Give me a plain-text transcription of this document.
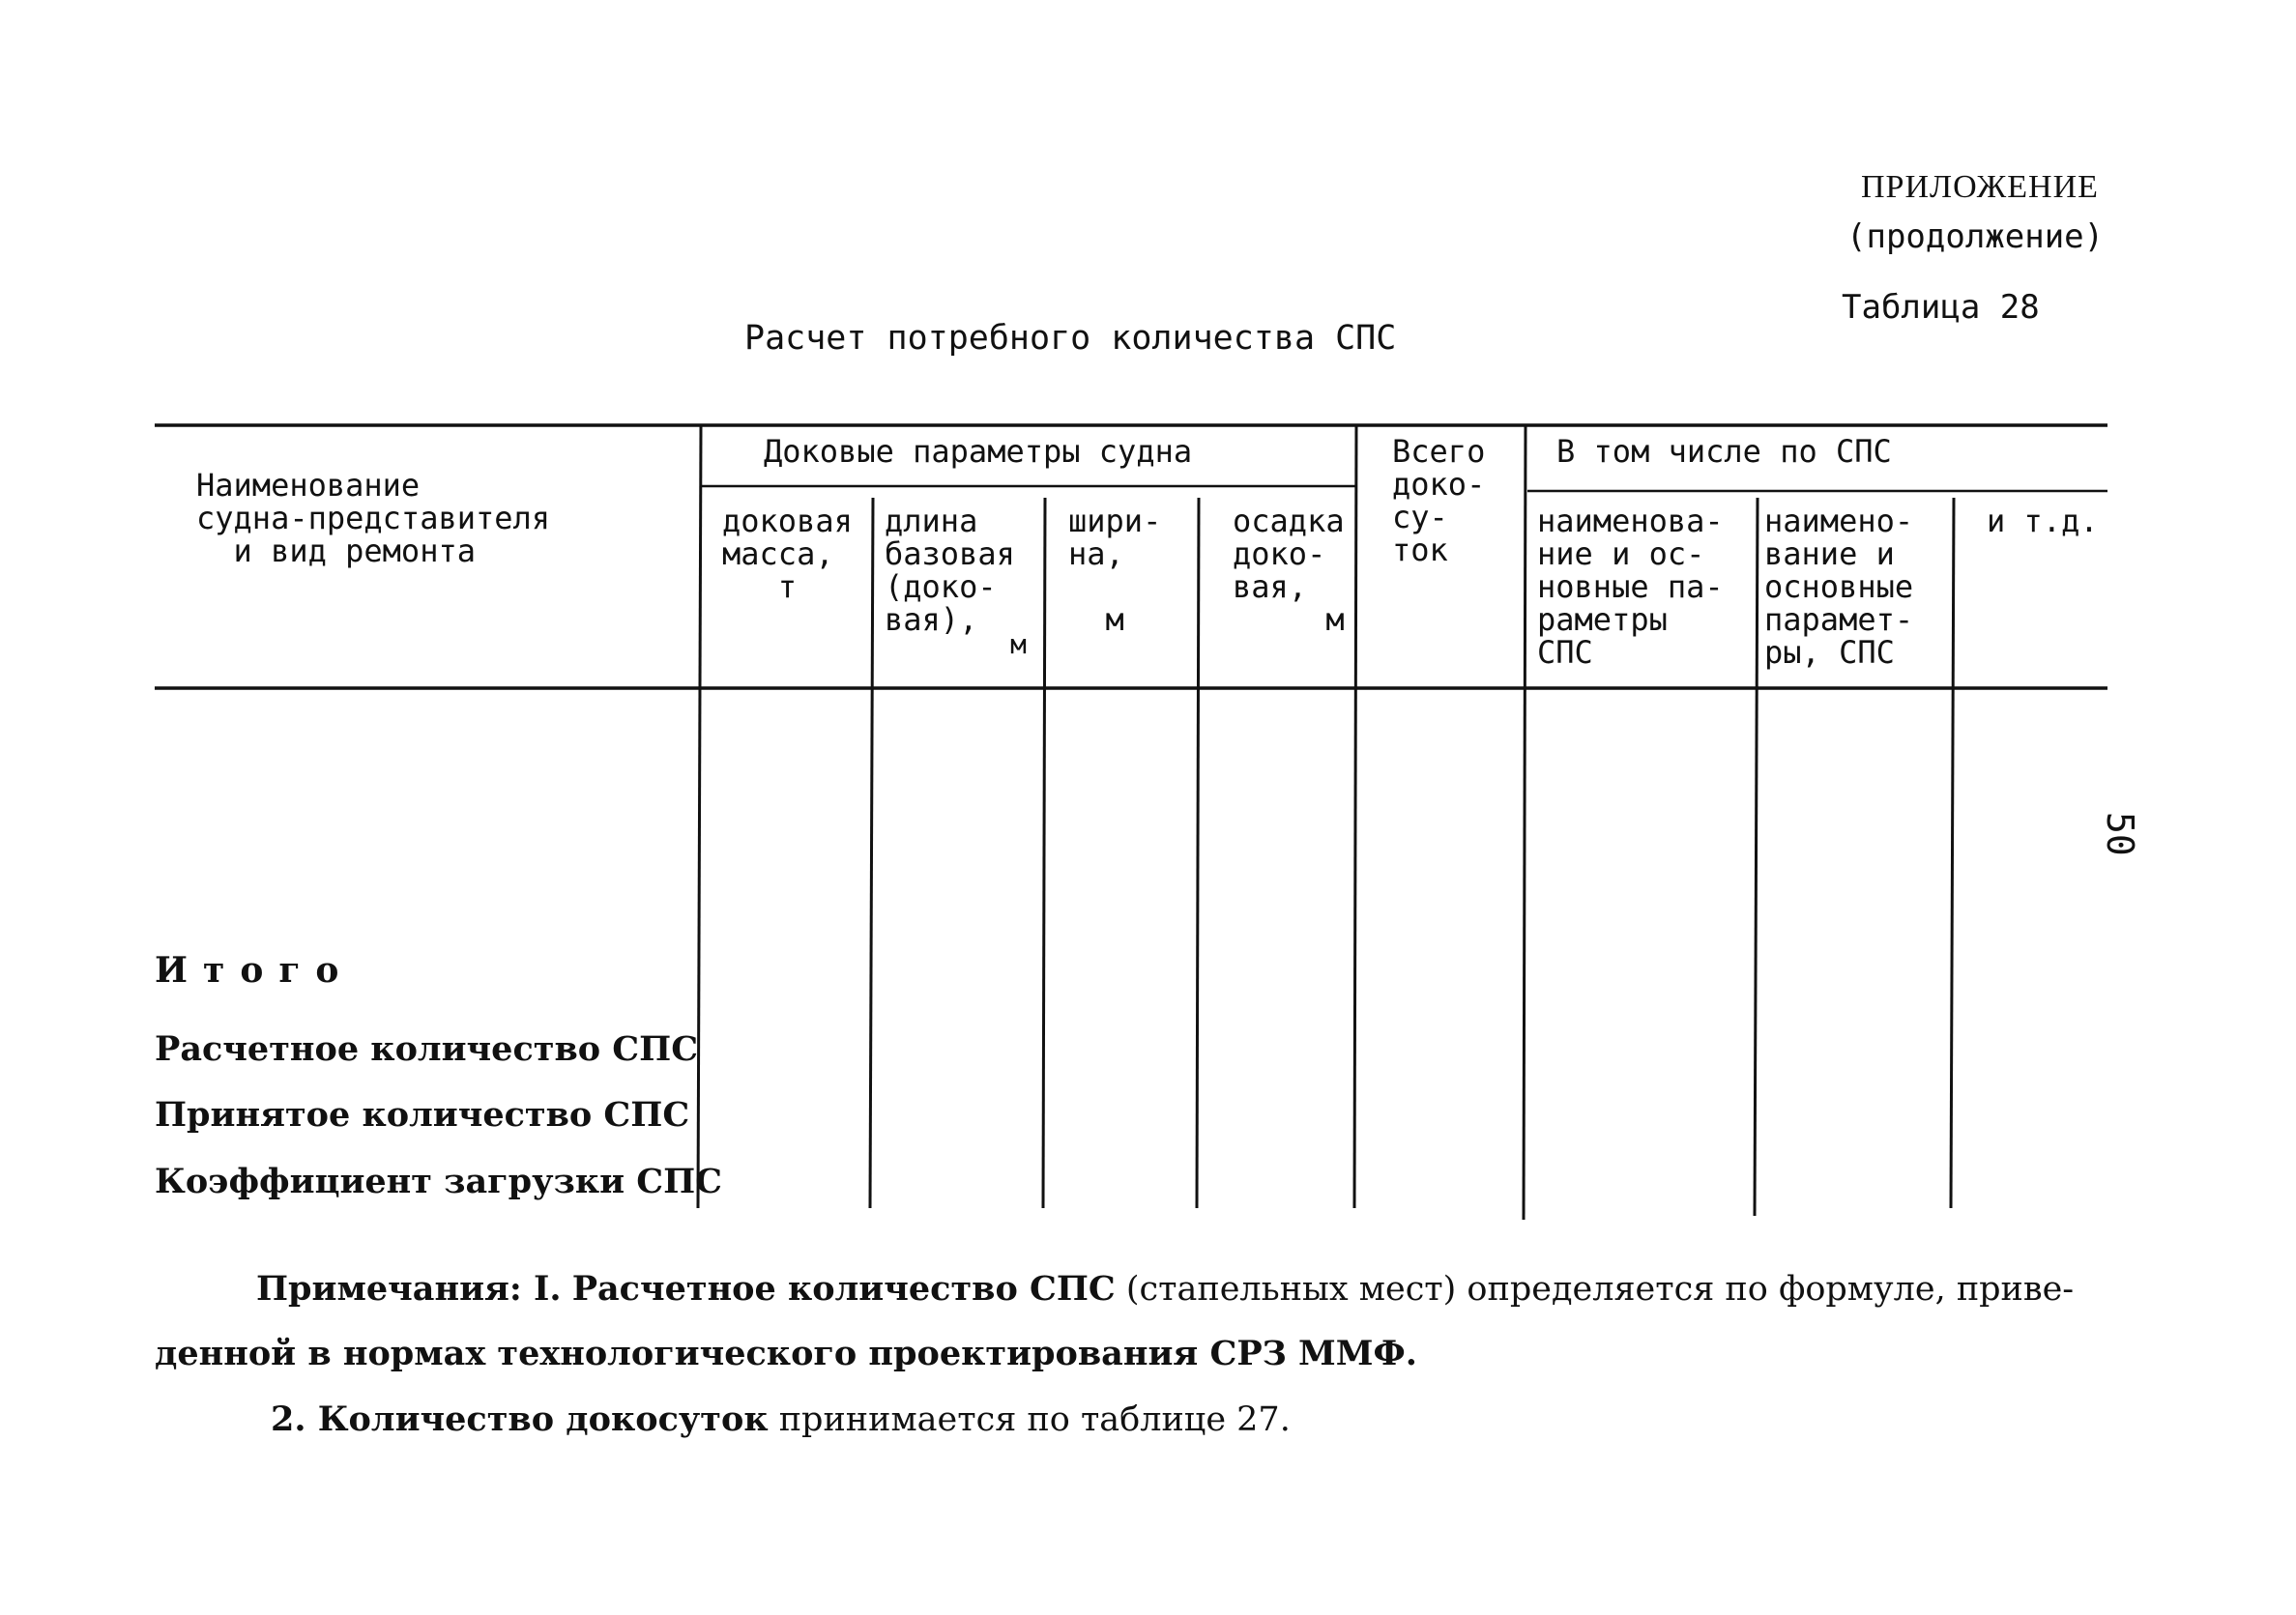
ПРИЛОЖЕНИЕ
(продолжение)
Таблица 28
Расчет потребного количества СПС
Наименование
судна-представителя
и вид ремонта
Доковые параметры судна
доковая
масса,
т
длина
базовая
(доко-
вая),
м
шири-
на,

м
осадка
доко-
вая,
м
Всего
доко-
су-
ток
В том числе по СПС
наименова-
ние и ос-
новные па-
раметры
СПС
наимено-
вание и
основные
парамет-
ры, СПС
и т.д.
Итого
Расчетное количество СПС
Принятое количество СПС
Коэффициент загрузки СПС
50
Примечания: I. Расчетное количество СПС (стапельных мест) определяется по формуле, приве-
денной в нормах технологического проектирования СРЗ ММФ.
2. Количество докосуток принимается по таблице 27.
